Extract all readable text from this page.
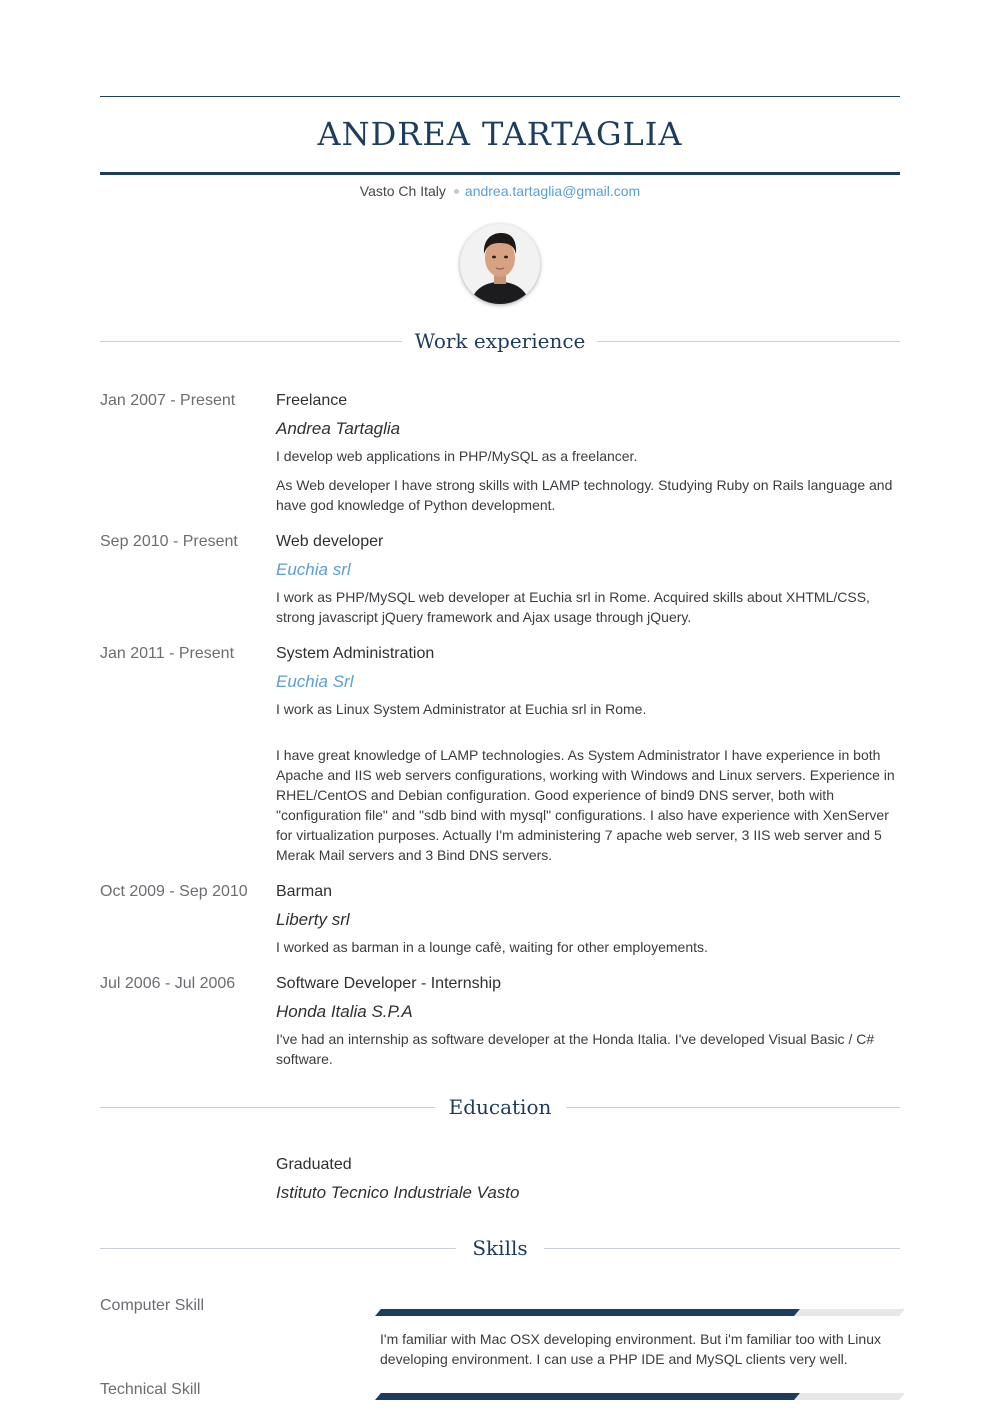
ANDREA TARTAGLIA
Vasto Ch Italy andrea.tartaglia@gmail.com
Work experience
Jan 2007 - Present	Freelance
Andrea Tartaglia

I develop web applications in PHP/MySQL as a freelancer.

As Web developer I have strong skills with LAMP technology. Studying Ruby on Rails language and have god knowledge of Python development.

Sep 2010 - Present Web developer
Euchia srl

I work as PHP/MySQL web developer at Euchia srl in Rome. Acquired skills about XHTML/CSS, strong javascript jQuery framework and Ajax usage through jQuery.

Jan 2011 - Present	System Administration
Euchia Srl

I work as Linux System Administrator at Euchia srl in Rome.

I have great knowledge of LAMP technologies. As System Administrator I have experience in both Apache and IIS web servers configurations, working with Windows and Linux servers. Experience in RHEL/CentOS and Debian configuration. Good experience of bind9 DNS server, both with "configuration file" and "sdb bind with mysql" configurations. I also have experience with XenServer for virtualization purposes. Actually I'm administering 7 apache web server, 3 IIS web server and 5 Merak Mail servers and 3 Bind DNS servers.

Oct 2009 - Sep 2010 Barman
Liberty srl

I worked as barman in a lounge cafè, waiting for other employements.

Jul 2006 - Jul 2006	Software Developer - Internship
Honda Italia S.P.A

I've had an internship as software developer at the Honda Italia. I've developed Visual Basic / C# software.

Education
Graduated
Istituto Tecnico Industriale Vasto
Skills
Computer Skill
I'm familiar with Mac OSX developing environment. But i'm familiar too with Linux developing environment. I can use a PHP IDE and MySQL clients very well.
Technical Skill
